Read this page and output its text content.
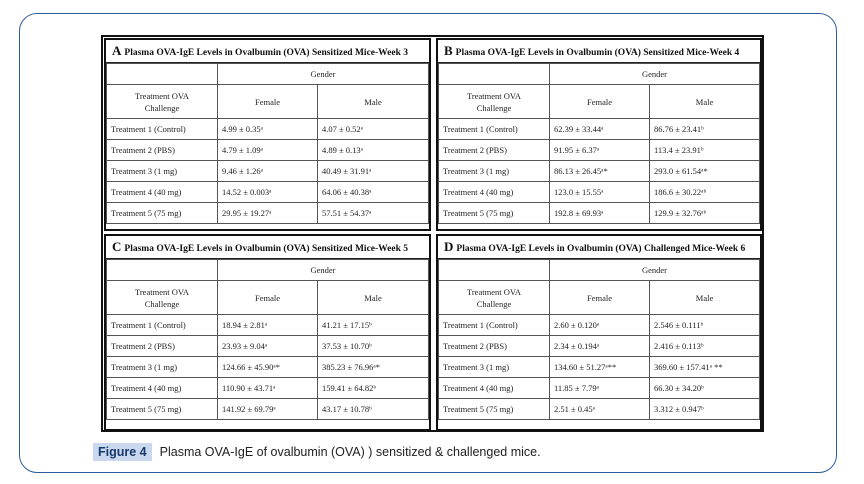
A Plasma OVA-IgE Levels in Ovalbumin (OVA) Sensitized Mice-Week 3
	Gender	
Treatment OVA Challenge	Female	Male
Treatment 1 (Control)	4.99 ± 0.35ᵃ	4.07 ± 0.52ᵃ
Treatment 2 (PBS)	4.79 ± 1.09ᵃ	4.89 ± 0.13ᵃ
Treatment 3 (1 mg)	9.46 ± 1.26ᵃ	40.49 ± 31.91ᵃ
Treatment 4 (40 mg)	14.52 ± 0.003ᵃ	64.06 ± 40.38ᵃ
Treatment 5 (75 mg)	29.95 ± 19.27ᵃ	57.51 ± 54.37ᵃ
B Plasma OVA-IgE Levels in Ovalbumin (OVA) Sensitized Mice-Week 4
	Gender	
Treatment OVA Challenge	Female	Male
Treatment 1 (Control)	62.39 ± 33.44ᵃ	86.76 ± 23.41ᵇ
Treatment 2 (PBS)	91.95 ± 6.37ᵃ	113.4 ± 23.91ᵇ
Treatment 3 (1 mg)	86.13 ± 26.45ᵃ*	293.0 ± 61.54ᵃ*
Treatment 4 (40 mg)	123.0 ± 15.55ᵃ	186.6 ± 30.22ᵃᵇ
Treatment 5 (75 mg)	192.8 ± 69.93ᵃ	129.9 ± 32.76ᵃᵇ
C Plasma OVA-IgE Levels in Ovalbumin (OVA) Sensitized Mice-Week 5
	Gender	
Treatment OVA Challenge	Female	Male
Treatment 1 (Control)	18.94 ± 2.81ᵃ	41.21 ± 17.15ᵇ
Treatment 2 (PBS)	23.93 ± 9.04ᵃ	37.53 ± 10.70ᵇ
Treatment 3 (1 mg)	124.66 ± 45.90ᵃ*	385.23 ± 76.96ᵃ*
Treatment 4 (40 mg)	110.90 ± 43.71ᵃ	159.41 ± 64.82ᵇ
Treatment 5 (75 mg)	141.92 ± 69.79ᵃ	43.17 ± 10.78ᵇ
D Plasma OVA-IgE Levels in Ovalbumin (OVA) Challenged Mice-Week 6
	Gender	
Treatment OVA Challenge	Female	Male
Treatment 1 (Control)	2.60 ± 0.120ᵃ	2.546 ± 0.111ᵇ
Treatment 2 (PBS)	2.34 ± 0.194ᵃ	2.416 ± 0.113ᵇ
Treatment 3 (1 mg)	134.60 ± 51.27ᵃ**	369.60 ± 157.41ᵃ **
Treatment 4 (40 mg)	11.85 ± 7.79ᵃ	66.30 ± 34.20ᵇ
Treatment 5 (75 mg)	2.51 ± 0.45ᵃ	3.312 ± 0.947ᵇ
Figure 4	Plasma OVA-IgE of ovalbumin (OVA) ) sensitized & challenged mice.
